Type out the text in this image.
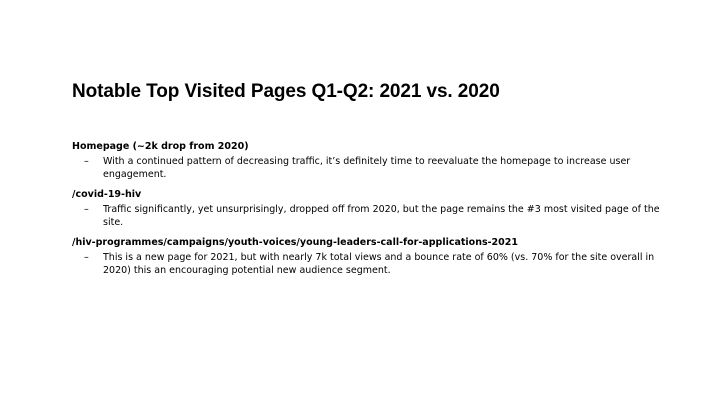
Notable Top Visited Pages Q1-Q2: 2021 vs. 2020
Homepage (~2k drop from 2020)
– With a continued pattern of decreasing traffic, it’s definitely time to reevaluate the homepage to increase user engagement.
/covid-19-hiv
– Traffic significantly, yet unsurprisingly, dropped off from 2020, but the page remains the #3 most visited page of the site.
/hiv-programmes/campaigns/youth-voices/young-leaders-call-for-applications-2021
– This is a new page for 2021, but with nearly 7k total views and a bounce rate of 60% (vs. 70% for the site overall in 2020) this an encouraging potential new audience segment.
